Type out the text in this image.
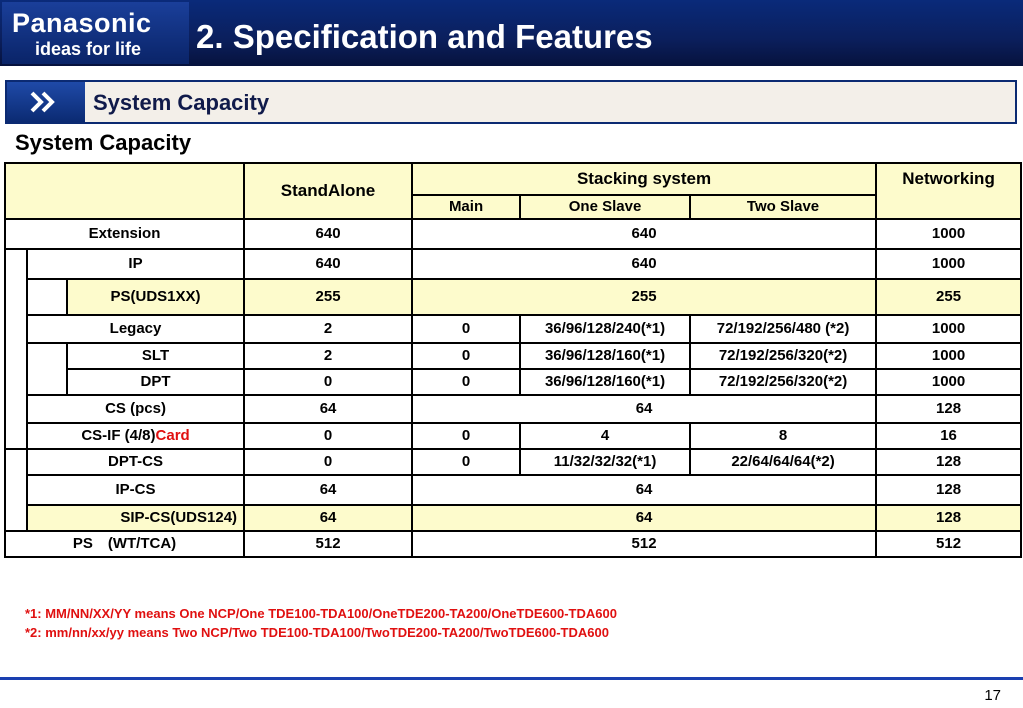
Panasonic
ideas for life 2. Specification and Features
System Capacity
System Capacity
			StandAlone	Stacking system			Networking
				Main	One Slave	Two Slave	
Extension			640	640			1000
	IP		640	640			1000
		PS(UDS1XX)	255	255			255
	Legacy		2	0	36/96/128/240(*1)	72/192/256/480 (*2)	1000
		SLT	2	0	36/96/128/160(*1)	72/192/256/320(*2)	1000
		DPT	0	0	36/96/128/160(*1)	72/192/256/320(*2)	1000
	CS (pcs)		64	64			128
	CS-IF (4/8)Card		0	0	4	8	16
	DPT-CS		0	0	11/32/32/32(*1)	22/64/64/64(*2)	128
	IP-CS		64	64			128
	SIP-CS(UDS124)		64	64			128
PS　(WT/TCA)			512	512			512
*1: MM/NN/XX/YY means One NCP/One TDE100-TDA100/OneTDE200-TA200/OneTDE600-TDA600
*2: mm/nn/xx/yy means Two NCP/Two TDE100-TDA100/TwoTDE200-TA200/TwoTDE600-TDA600
17
